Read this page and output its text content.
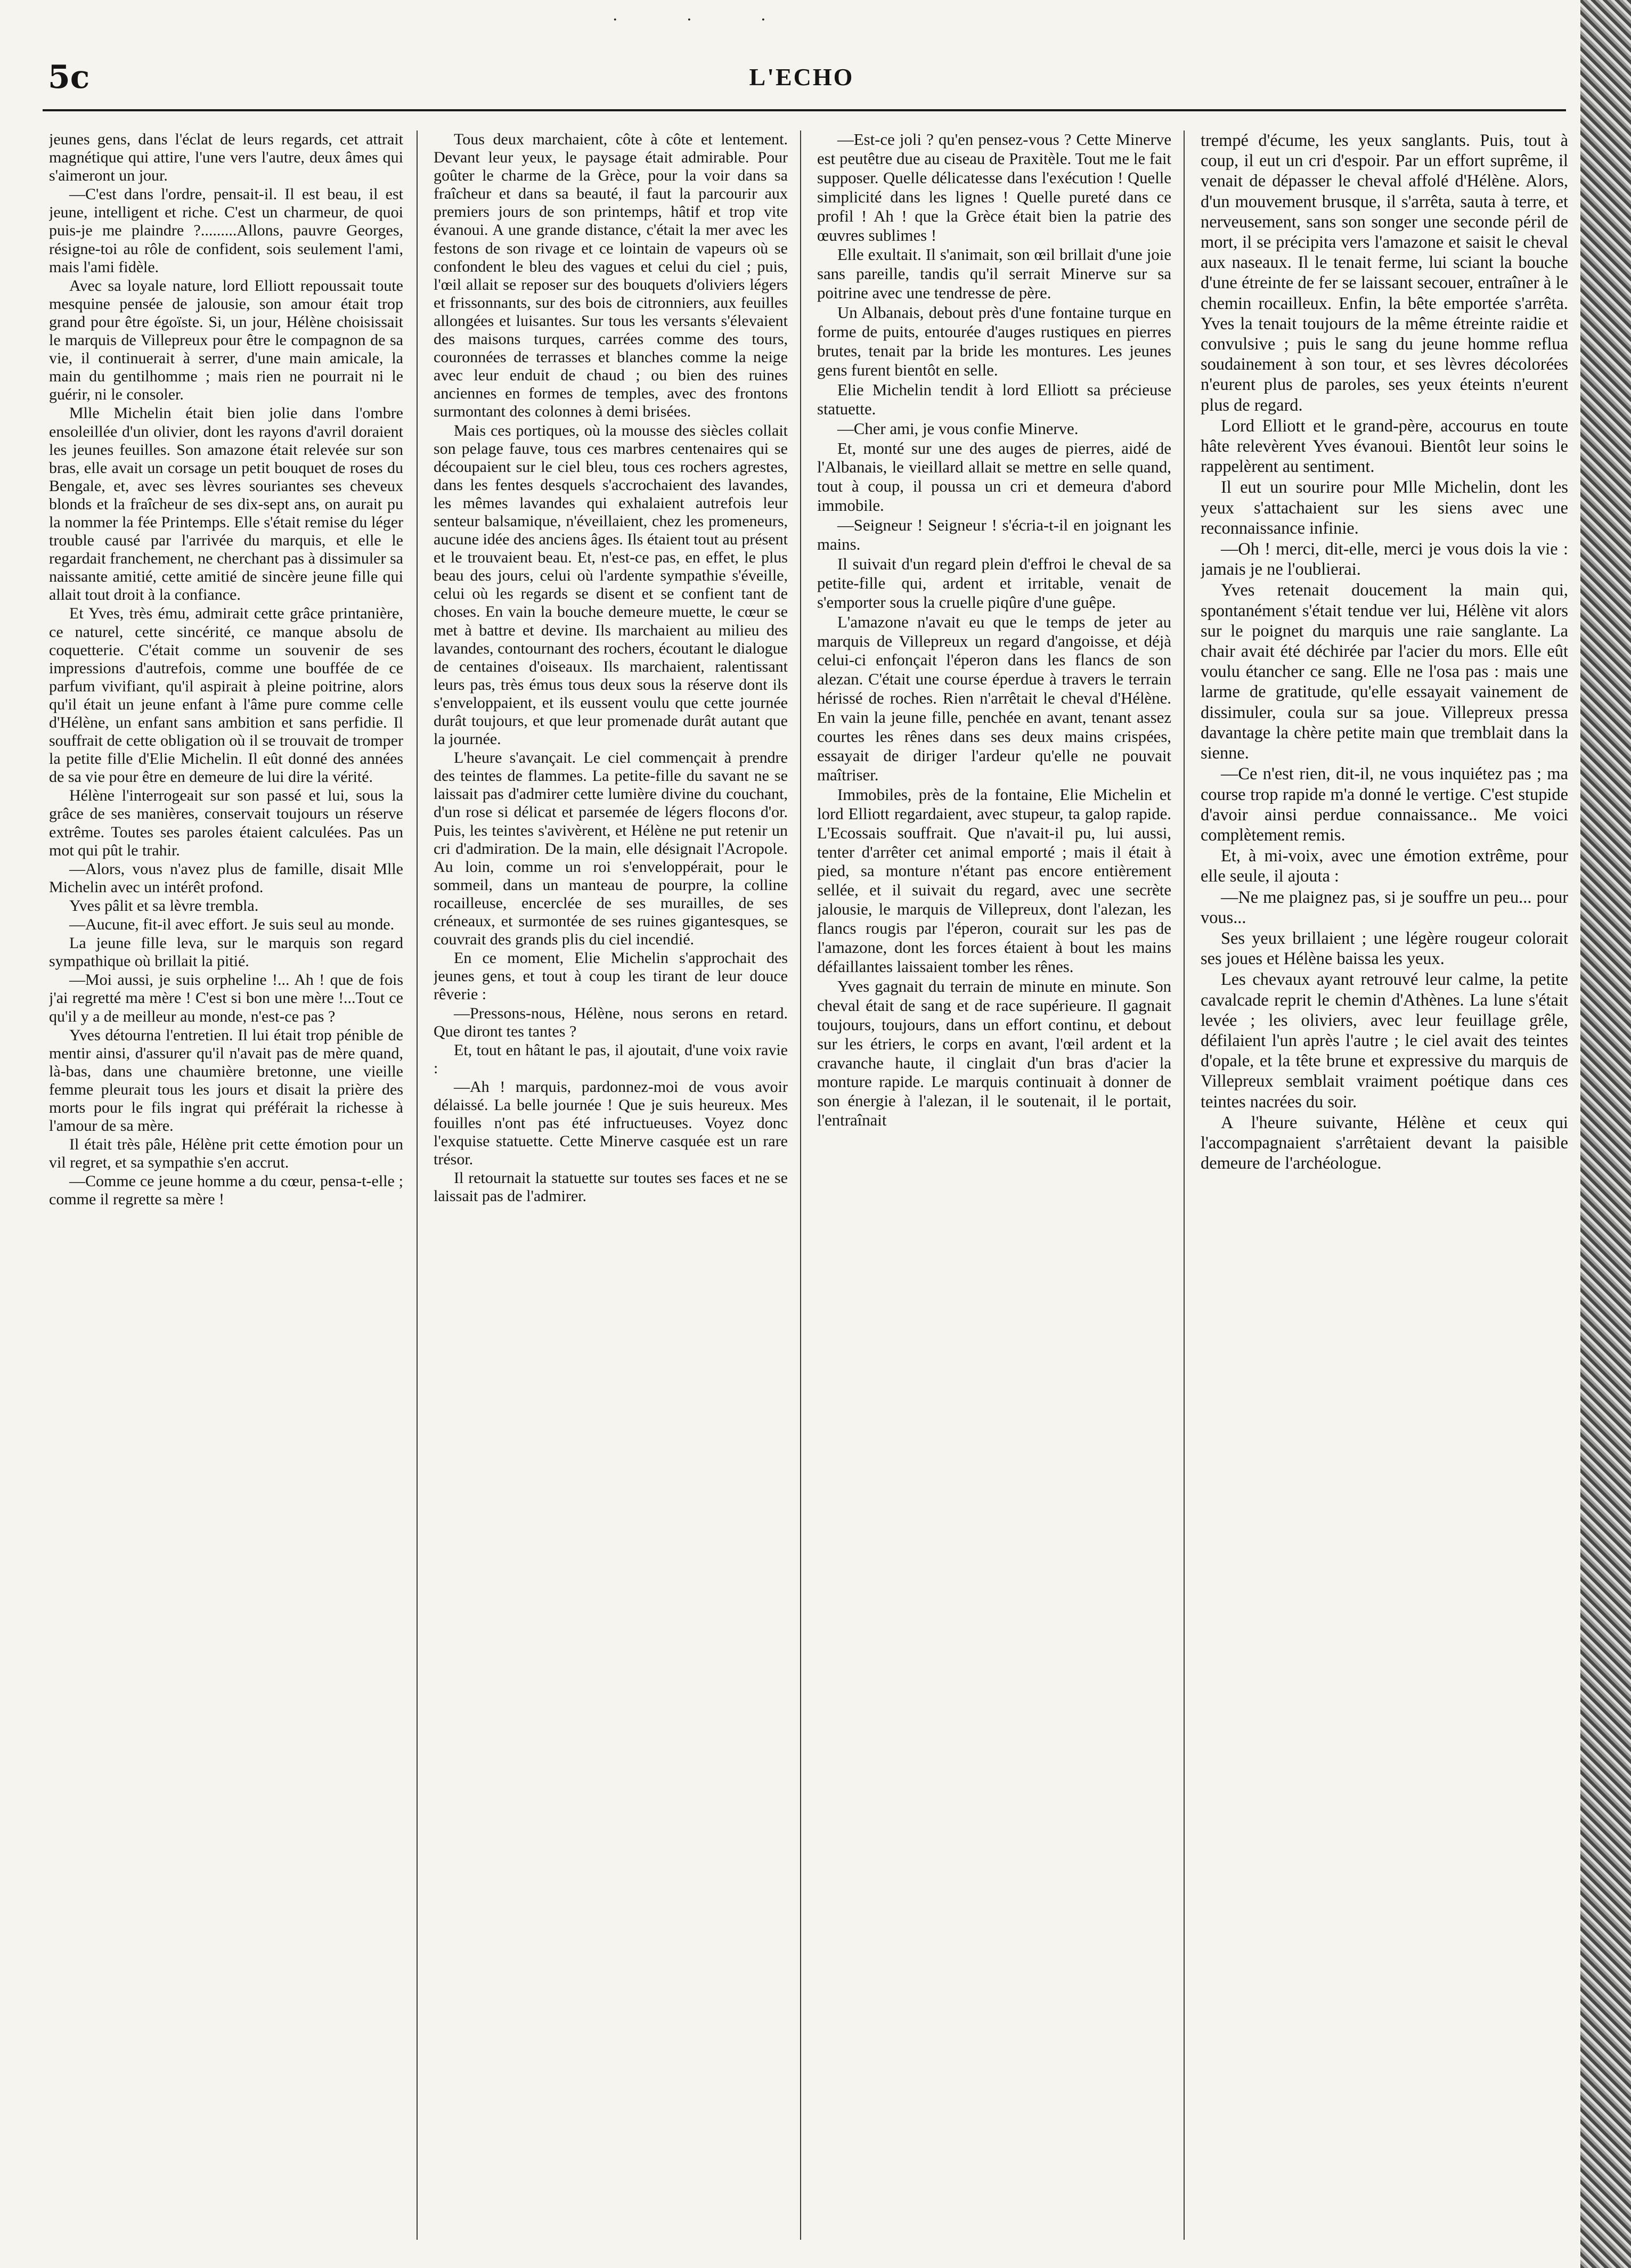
· · ·
5c	L'ECHO

jeunes gens, dans l'éclat de leurs regards, cet attrait magnétique qui attire, l'une vers l'autre, deux âmes qui s'aimeront un jour.

—C'est dans l'ordre, pensait-il. Il est beau, il est jeune, intelligent et riche. C'est un charmeur, de quoi puis-je me plaindre ?.........Allons, pauvre Georges, résigne-toi au rôle de confident, sois seulement l'ami, mais l'ami fidèle.

Avec sa loyale nature, lord Elliott repoussait toute mesquine pensée de jalousie, son amour était trop grand pour être égoïste. Si, un jour, Hélène choisissait le marquis de Villepreux pour être le compagnon de sa vie, il continuerait à serrer, d'une main amicale, la main du gentilhomme ; mais rien ne pourrait ni le guérir, ni le consoler.

Mlle Michelin était bien jolie dans l'ombre ensoleillée d'un olivier, dont les rayons d'avril doraient les jeunes feuilles. Son amazone était relevée sur son bras, elle avait un corsage un petit bouquet de roses du Bengale, et, avec ses lèvres souriantes ses cheveux blonds et la fraîcheur de ses dix-sept ans, on aurait pu la nommer la fée Printemps. Elle s'était remise du léger trouble causé par l'arrivée du marquis, et elle le regardait franchement, ne cherchant pas à dissimuler sa naissante amitié, cette amitié de sincère jeune fille qui allait tout droit à la confiance.

Et Yves, très ému, admirait cette grâce printanière, ce naturel, cette sincérité, ce manque absolu de coquetterie. C'était comme un souvenir de ses impressions d'autrefois, comme une bouffée de ce parfum vivifiant, qu'il aspirait à pleine poitrine, alors qu'il était un jeune enfant à l'âme pure comme celle d'Hélène, un enfant sans ambition et sans perfidie. Il souffrait de cette obligation où il se trouvait de tromper la petite fille d'Elie Michelin. Il eût donné des années de sa vie pour être en demeure de lui dire la vérité.

Hélène l'interrogeait sur son passé et lui, sous la grâce de ses manières, conservait toujours un réserve extrême. Toutes ses paroles étaient calculées. Pas un mot qui pût le trahir.

—Alors, vous n'avez plus de famille, disait Mlle Michelin avec un intérêt profond.

Yves pâlit et sa lèvre trembla.

—Aucune, fit-il avec effort. Je suis seul au monde.

La jeune fille leva, sur le marquis son regard sympathique où brillait la pitié.

—Moi aussi, je suis orpheline !... Ah ! que de fois j'ai regretté ma mère ! C'est si bon une mère !...Tout ce qu'il y a de meilleur au monde, n'est-ce pas ?

Yves détourna l'entretien. Il lui était trop pénible de mentir ainsi, d'assurer qu'il n'avait pas de mère quand, là-bas, dans une chaumière bretonne, une vieille femme pleurait tous les jours et disait la prière des morts pour le fils ingrat qui préférait la richesse à l'amour de sa mère.

Il était très pâle, Hélène prit cette émotion pour un vil regret, et sa sympathie s'en accrut.

—Comme ce jeune homme a du cœur, pensa-t-elle ; comme il regrette sa mère !

Tous deux marchaient, côte à côte et lentement. Devant leur yeux, le paysage était admirable. Pour goûter le charme de la Grèce, pour la voir dans sa fraîcheur et dans sa beauté, il faut la parcourir aux premiers jours de son printemps, hâtif et trop vite évanoui. A une grande distance, c'était la mer avec les festons de son rivage et ce lointain de vapeurs où se confondent le bleu des vagues et celui du ciel ; puis, l'œil allait se reposer sur des bouquets d'oliviers légers et frissonnants, sur des bois de citronniers, aux feuilles allongées et luisantes. Sur tous les versants s'élevaient des maisons turques, carrées comme des tours, couronnées de terrasses et blanches comme la neige avec leur enduit de chaud ; ou bien des ruines anciennes en formes de temples, avec des frontons surmontant des colonnes à demi brisées.

Mais ces portiques, où la mousse des siècles collait son pelage fauve, tous ces marbres centenaires qui se découpaient sur le ciel bleu, tous ces rochers agrestes, dans les fentes desquels s'accrochaient des lavandes, les mêmes lavandes qui exhalaient autrefois leur senteur balsamique, n'éveillaient, chez les promeneurs, aucune idée des anciens âges. Ils étaient tout au présent et le trouvaient beau. Et, n'est-ce pas, en effet, le plus beau des jours, celui où l'ardente sympathie s'éveille, celui où les regards se disent et se confient tant de choses. En vain la bouche demeure muette, le cœur se met à battre et devine. Ils marchaient au milieu des lavandes, contournant des rochers, écoutant le dialogue de centaines d'oiseaux. Ils marchaient, ralentissant leurs pas, très émus tous deux sous la réserve dont ils s'enveloppaient, et ils eussent voulu que cette journée durât toujours, et que leur promenade durât autant que la journée.

L'heure s'avançait. Le ciel commençait à prendre des teintes de flammes. La petite-fille du savant ne se laissait pas d'admirer cette lumière divine du couchant, d'un rose si délicat et parsemée de légers flocons d'or. Puis, les teintes s'avivèrent, et Hélène ne put retenir un cri d'admiration. De la main, elle désignait l'Acropole. Au loin, comme un roi s'enveloppérait, pour le sommeil, dans un manteau de pourpre, la colline rocailleuse, encerclée de ses murailles, de ses créneaux, et surmontée de ses ruines gigantesques, se couvrait des grands plis du ciel incendié.

En ce moment, Elie Michelin s'approchait des jeunes gens, et tout à coup les tirant de leur douce rêverie :

—Pressons-nous, Hélène, nous serons en retard. Que diront tes tantes ?

Et, tout en hâtant le pas, il ajoutait, d'une voix ravie :

—Ah ! marquis, pardonnez-moi de vous avoir délaissé. La belle journée ! Que je suis heureux. Mes fouilles n'ont pas été infructueuses. Voyez donc l'exquise statuette. Cette Minerve casquée est un rare trésor.

Il retournait la statuette sur toutes ses faces et ne se laissait pas de l'admirer.

—Est-ce joli ? qu'en pensez-vous ? Cette Minerve est peutêtre due au ciseau de Praxitèle. Tout me le fait supposer. Quelle délicatesse dans l'exécution ! Quelle simplicité dans les lignes ! Quelle pureté dans ce profil ! Ah ! que la Grèce était bien la patrie des œuvres sublimes !

Elle exultait. Il s'animait, son œil brillait d'une joie sans pareille, tandis qu'il serrait Minerve sur sa poitrine avec une tendresse de père.

Un Albanais, debout près d'une fontaine turque en forme de puits, entourée d'auges rustiques en pierres brutes, tenait par la bride les montures. Les jeunes gens furent bientôt en selle.

Elie Michelin tendit à lord Elliott sa précieuse statuette.

—Cher ami, je vous confie Minerve.

Et, monté sur une des auges de pierres, aidé de l'Albanais, le vieillard allait se mettre en selle quand, tout à coup, il poussa un cri et demeura d'abord immobile.

—Seigneur ! Seigneur ! s'écria-t-il en joignant les mains.

Il suivait d'un regard plein d'effroi le cheval de sa petite-fille qui, ardent et irritable, venait de s'emporter sous la cruelle piqûre d'une guêpe.

L'amazone n'avait eu que le temps de jeter au marquis de Villepreux un regard d'angoisse, et déjà celui-ci enfonçait l'éperon dans les flancs de son alezan. C'était une course éperdue à travers le terrain hérissé de roches. Rien n'arrêtait le cheval d'Hélène. En vain la jeune fille, penchée en avant, tenant assez courtes les rênes dans ses deux mains crispées, essayait de diriger l'ardeur qu'elle ne pouvait maîtriser.

Immobiles, près de la fontaine, Elie Michelin et lord Elliott regardaient, avec stupeur, ta galop rapide. L'Ecossais souffrait. Que n'avait-il pu, lui aussi, tenter d'arrêter cet animal emporté ; mais il était à pied, sa monture n'étant pas encore entièrement sellée, et il suivait du regard, avec une secrète jalousie, le marquis de Villepreux, dont l'alezan, les flancs rougis par l'éperon, courait sur les pas de l'amazone, dont les forces étaient à bout les mains défaillantes laissaient tomber les rênes.

Yves gagnait du terrain de minute en minute. Son cheval était de sang et de race supérieure. Il gagnait toujours, toujours, dans un effort continu, et debout sur les étriers, le corps en avant, l'œil ardent et la cravanche haute, il cinglait d'un bras d'acier la monture rapide. Le marquis continuait à donner de son énergie à l'alezan, il le soutenait, il le portait, l'entraînait

trempé d'écume, les yeux sanglants. Puis, tout à coup, il eut un cri d'espoir. Par un effort suprême, il venait de dépasser le cheval affolé d'Hélène. Alors, d'un mouvement brusque, il s'arrêta, sauta à terre, et nerveusement, sans son songer une seconde péril de mort, il se précipita vers l'amazone et saisit le cheval aux naseaux. Il le tenait ferme, lui sciant la bouche d'une étreinte de fer se laissant secouer, entraîner à le chemin rocailleux. Enfin, la bête emportée s'arrêta. Yves la tenait toujours de la même étreinte raidie et convulsive ; puis le sang du jeune homme reflua soudainement à son tour, et ses lèvres décolorées n'eurent plus de paroles, ses yeux éteints n'eurent plus de regard.

Lord Elliott et le grand-père, accourus en toute hâte relevèrent Yves évanoui. Bientôt leur soins le rappelèrent au sentiment.

Il eut un sourire pour Mlle Michelin, dont les yeux s'attachaient sur les siens avec une reconnaissance infinie.

—Oh ! merci, dit-elle, merci je vous dois la vie : jamais je ne l'oublierai.

Yves retenait doucement la main qui, spontanément s'était tendue ver lui, Hélène vit alors sur le poignet du marquis une raie sanglante. La chair avait été déchirée par l'acier du mors. Elle eût voulu étancher ce sang. Elle ne l'osa pas : mais une larme de gratitude, qu'elle essayait vainement de dissimuler, coula sur sa joue. Villepreux pressa davantage la chère petite main que tremblait dans la sienne.

—Ce n'est rien, dit-il, ne vous inquiétez pas ; ma course trop rapide m'a donné le vertige. C'est stupide d'avoir ainsi perdue connaissance.. Me voici complètement remis.

Et, à mi-voix, avec une émotion extrême, pour elle seule, il ajouta :

—Ne me plaignez pas, si je souffre un peu... pour vous...

Ses yeux brillaient ; une légère rougeur colorait ses joues et Hélène baissa les yeux.

Les chevaux ayant retrouvé leur calme, la petite cavalcade reprit le chemin d'Athènes. La lune s'était levée ; les oliviers, avec leur feuillage grêle, défilaient l'un après l'autre ; le ciel avait des teintes d'opale, et la tête brune et expressive du marquis de Villepreux semblait vraiment poétique dans ces teintes nacrées du soir.

A l'heure suivante, Hélène et ceux qui l'accompagnaient s'arrêtaient devant la paisible demeure de l'archéologue.
